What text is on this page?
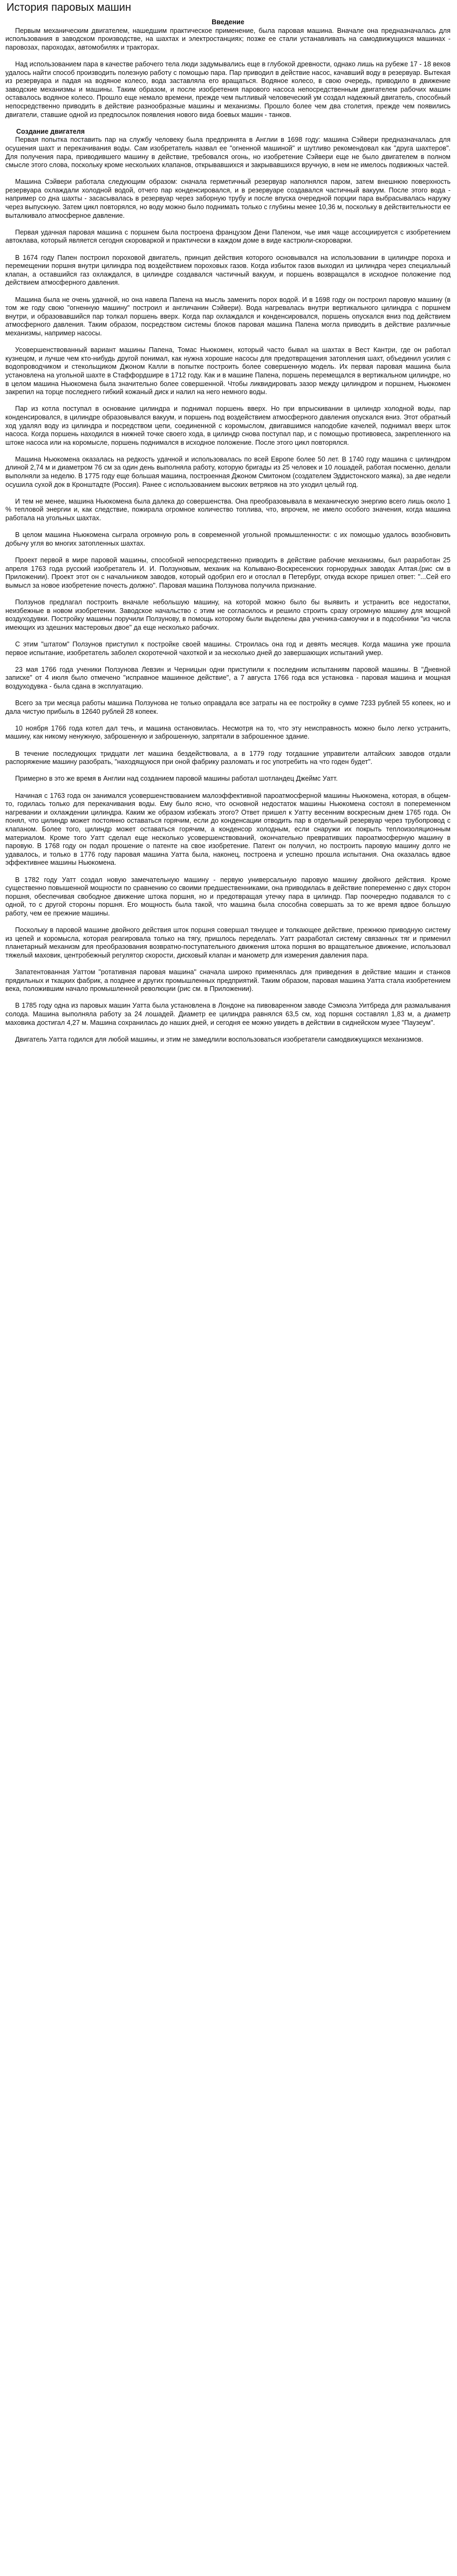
История паровых машин
Введение

Первым механическим двигателем, нашедшим практическое применение, была паровая машина. Вначале она предназначалась для использования в заводском производстве, на шахтах и электростанциях; позже ее стали устанавливать на самодвижущихся машинах - паровозах, пароходах, автомобилях и тракторах.

Над использованием пара в качестве рабочего тела люди задумывались еще в глубокой древности, однако лишь на рубеже 17 - 18 веков удалось найти способ производить полезную работу с помощью пара. Пар приводил в действие насос, качавший воду в резервуар. Вытекая из резервуара и падая на водяное колесо, вода заставляла его вращаться. Водяное колесо, в свою очередь, приводило в движение заводские механизмы и машины. Таким образом, и после изобретения парового насоса непосредственным двигателем рабочих машин оставалось водяное колесо. Прошло еще немало времени, прежде чем пытливый человеческий ум создал надежный двигатель, способный непосредственно приводить в действие разнообразные машины и механизмы. Прошло более чем два столетия, прежде чем появились двигатели, ставшие одной из предпосылок появления нового вида боевых машин - танков.

Создание двигателя

Первая попытка поставить пар на службу человеку была предпринята в Англии в 1698 году: машина Сэйвери предназначалась для осушения шахт и перекачивания воды. Сам изобретатель назвал ее "огненной машиной" и шутливо рекомендовал как "друга шахтеров". Для получения пара, приводившего машину в действие, требовался огонь, но изобретение Сэйвери еще не было двигателем в полном смысле этого слова, поскольку кроме нескольких клапанов, открывавшихся и закрывавшихся вручную, в нем не имелось подвижных частей.

Машина Сэйвери работала следующим образом: сначала герметичный резервуар наполнялся паром, затем внешнюю поверхность резервуара охлаждали холодной водой, отчего пар конденсировался, и в резервуаре создавался частичный вакуум. После этого вода - например со дна шахты - засасывалась в резервуар через заборную трубу и после впуска очередной порции пара выбрасывалась наружу через выпускную. Затем цикл повторялся, но воду можно было поднимать только с глубины менее 10,36 м, поскольку в действительности ее выталкивало атмосферное давление.

Первая удачная паровая машина с поршнем была построена французом Дени Папеном, чье имя чаще ассоциируется с изобретением автоклава, который является сегодня скороваркой и практически в каждом доме в виде кастрюли-скороварки.

В 1674 году Папен построил пороховой двигатель, принцип действия которого основывался на использовании в цилиндре пороха и перемещении поршня внутри цилиндра под воздействием пороховых газов. Когда избыток газов выходил из цилиндра через специальный клапан, а оставшийся газ охлаждался, в цилиндре создавался частичный вакуум, и поршень возвращался в исходное положение под действием атмосферного давления.

Машина была не очень удачной, но она навела Папена на мысль заменить порох водой. И в 1698 году он построил паровую машину (в том же году свою "огненную машину" построил и англичанин Сэйвери). Вода нагревалась внутри вертикального цилиндра с поршнем внутри, и образовавшийся пар толкал поршень вверх. Когда пар охлаждался и конденсировался, поршень опускался вниз под действием атмосферного давления. Таким образом, посредством системы блоков паровая машина Папена могла приводить в действие различные механизмы, например насосы.

Усовершенствованный вариант машины Папена, Томас Ньюкомен, который часто бывал на шахтах в Вест Кантри, где он работал кузнецом, и лучше чем кто-нибудь другой понимал, как нужна хорошие насосы для предотвращения затопления шахт, объединил усилия с водопроводчиком и стекольщиком Джоном Калли в попытке построить более совершенную модель. Их первая паровая машина была установлена на угольной шахте в Стаффордшире в 1712 году. Как и в машине Папена, поршень перемещался в вертикальном цилиндре, но в целом машина Ньюкомена была значительно более совершенной. Чтобы ликвидировать зазор между цилиндром и поршнем, Ньюкомен закрепил на торце последнего гибкий кожаный диск и налил на него немного воды.

Пар из котла поступал в основание цилиндра и поднимал поршень вверх. Но при впрыскивании в цилиндр холодной воды, пар конденсировался, в цилиндре образовывался вакуум, и поршень под воздействием атмосферного давления опускался вниз. Этот обратный ход удалял воду из цилиндра и посредством цепи, соединенной с коромыслом, двигавшимся наподобие качелей, поднимал вверх шток насоса. Когда поршень находился в нижней точке своего хода, в цилиндр снова поступал пар, и с помощью противовеса, закрепленного на штоке насоса или на коромысле, поршень поднимался в исходное положение. После этого цикл повторялся.

Машина Ньюкомена оказалась на редкость удачной и использовалась по всей Европе более 50 лет. В 1740 году машина с цилиндром длиной 2,74 м и диаметром 76 см за один день выполняла работу, которую бригады из 25 человек и 10 лошадей, работая посменно, делали выполняли за неделю. В 1775 году еще большая машина, построенная Джоном Смитоном (создателем Эддистонского маяка), за две недели осушила сухой док в Кронштадте (Россия). Ранее с использованием высоких ветряков на это уходил целый год.

И тем не менее, машина Ньюкомена была далека до совершенства. Она преобразовывала в механическую энергию всего лишь около 1 % тепловой энергии и, как следствие, пожирала огромное количество топлива, что, впрочем, не имело особого значения, когда машина работала на угольных шахтах.

В целом машина Ньюкомена сыграла огромную роль в современной угольной промышленности: с их помощью удалось возобновить добычу угля во многих затопленных шахтах.

Проект первой в мире паровой машины, способной непосредственно приводить в действие рабочие механизмы, был разработан 25 апреля 1763 года русский изобретатель И. И. Ползуновым, механик на Колывано-Воскресенских горнорудных заводах Алтая.(рис см в Приложении). Проект этот он с начальником заводов, который одобрил его и отослал в Петербург, откуда вскоре пришел ответ: "...Сей его вымысл за новое изобретение почесть должно". Паровая машина Ползунова получила признание.

Ползунов предлагал построить вначале небольшую машину, на которой можно было бы выявить и устранить все недостатки, неизбежные в новом изобретении. Заводское начальство с этим не согласилось и решило строить сразу огромную машину для мощной воздуходувки. Постройку машины поручили Ползунову, в помощь которому были выделены два ученика-самоучки и в подсобники "из числа имеющих из здешних мастеровых двое" да еще несколько рабочих.

С этим "штатом" Ползунов приступил к постройке своей машины. Строилась она год и девять месяцев. Когда машина уже прошла первое испытание, изобретатель заболел скоротечной чахоткой и за несколько дней до завершающих испытаний умер.

23 мая 1766 года ученики Ползунова Левзин и Черницын одни приступили к последним испытаниям паровой машины. В "Дневной записке" от 4 июля было отмечено "исправное машинное действие", а 7 августа 1766 года вся установка - паровая машина и мощная воздуходувка - была сдана в эксплуатацию.

Всего за три месяца работы машина Ползунова не только оправдала все затраты на ее постройку в сумме 7233 рублей 55 копеек, но и дала чистую прибыль в 12640 рублей 28 копеек.

10 ноября 1766 года котел дал течь, и машина остановилась. Несмотря на то, что эту неисправность можно было легко устранить, машину, как никому ненужную, заброшенную и заброшенную, запрятали в заброшенное здание.

В течение последующих тридцати лет машина бездействовала, а в 1779 году тогдашние управители алтайских заводов отдали распоряжение машину разобрать, "находящуюся при оной фабрику разломать и гос употребить на что годен будет".

Примерно в это же время в Англии над созданием паровой машины работал шотландец Джеймс Уатт.

Начиная с 1763 года он занимался усовершенствованием малоэффективной пароатмосферной машины Ньюкомена, которая, в общем-то, годилась только для перекачивания воды. Ему было ясно, что основной недостаток машины Ньюкомена состоял в попеременном нагревании и охлаждении цилиндра. Каким же образом избежать этого? Ответ пришел к Уатту весенним воскресным днем 1765 года. Он понял, что цилиндр может постоянно оставаться горячим, если до конденсации отводить пар в отдельный резервуар через трубопровод с клапаном. Более того, цилиндр может оставаться горячим, а конденсор холодным, если снаружи их покрыть теплоизоляционным материалом. Кроме того Уатт сделал еще несколько усовершенствований, окончательно превративших пароатмосферную машину в паровую. В 1768 году он подал прошение о патенте на свое изобретение. Патент он получил, но построить паровую машину долго не удавалось, и только в 1776 году паровая машина Уатта была, наконец, построена и успешно прошла испытания. Она оказалась вдвое эффективнее машины Ньюкомена.

В 1782 году Уатт создал новую замечательную машину - первую универсальную паровую машину двойного действия. Кроме существенно повышенной мощности по сравнению со своими предшественниками, она приводилась в действие попеременно с двух сторон поршня, обеспечивая свободное движение штока поршня, но и предотвращая утечку пара в цилиндр. Пар поочередно подавался то с одной, то с другой стороны поршня. Его мощность была такой, что машина была способна совершать за то же время вдвое большую работу, чем ее прежние машины.

Поскольку в паровой машине двойного действия шток поршня совершал тянущее и толкающее действие, прежнюю приводную систему из цепей и коромысла, которая реагировала только на тягу, пришлось переделать. Уатт разработал систему связанных тяг и применил планетарный механизм для преобразования возвратно-поступательного движения штока поршня во вращательное движение, использовал тяжелый маховик, центробежный регулятор скорости, дисковый клапан и манометр для измерения давления пара.

Запатентованная Уаттом "ротативная паровая машина" сначала широко применялась для приведения в действие машин и станков прядильных и ткацких фабрик, а позднее и других промышленных предприятий. Таким образом, паровая машина Уатта стала изобретением века, положившим начало промышленной революции (рис см. в Приложении).

В 1785 году одна из паровых машин Уатта была установлена в Лондоне на пивоваренном заводе Сэмюэла Уитбреда для размалывания солода. Машина выполняла работу за 24 лошадей. Диаметр ее цилиндра равнялся 63,5 см, ход поршня составлял 1,83 м, а диаметр маховика достигал 4,27 м. Машина сохранилась до наших дней, и сегодня ее можно увидеть в действии в сиднейском музее "Паузеум".

Двигатель Уатта годился для любой машины, и этим не замедлили воспользоваться изобретатели самодвижущихся механизмов.
